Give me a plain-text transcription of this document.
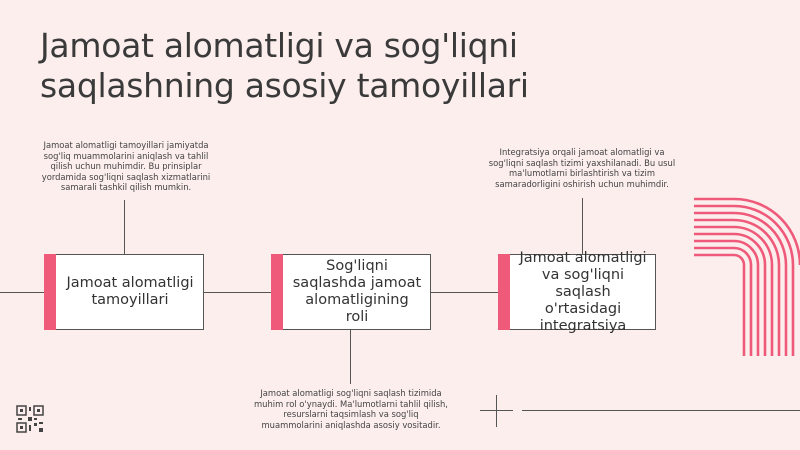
Jamoat alomatligi va sog'liqni saqlashning asosiy tamoyillari
Jamoat alomatligi tamoyillari
Sog'liqni saqlashda jamoat alomatligining roli
Jamoat alomatligi va sog'liqni saqlash o'rtasidagi integratsiya
Jamoat alomatligi tamoyillari jamiyatda sog'liq muammolarini aniqlash va tahlil qilish uchun muhimdir. Bu prinsiplar yordamida sog'liqni saqlash xizmatlarini samarali tashkil qilish mumkin.
Jamoat alomatligi sog'liqni saqlash tizimida muhim rol o'ynaydi. Ma'lumotlarni tahlil qilish, resurslarni taqsimlash va sog'liq muammolarini aniqlashda asosiy vositadir.
Integratsiya orqali jamoat alomatligi va sog'liqni saqlash tizimi yaxshilanadi. Bu usul ma'lumotlarni birlashtirish va tizim samaradorligini oshirish uchun muhimdir.
